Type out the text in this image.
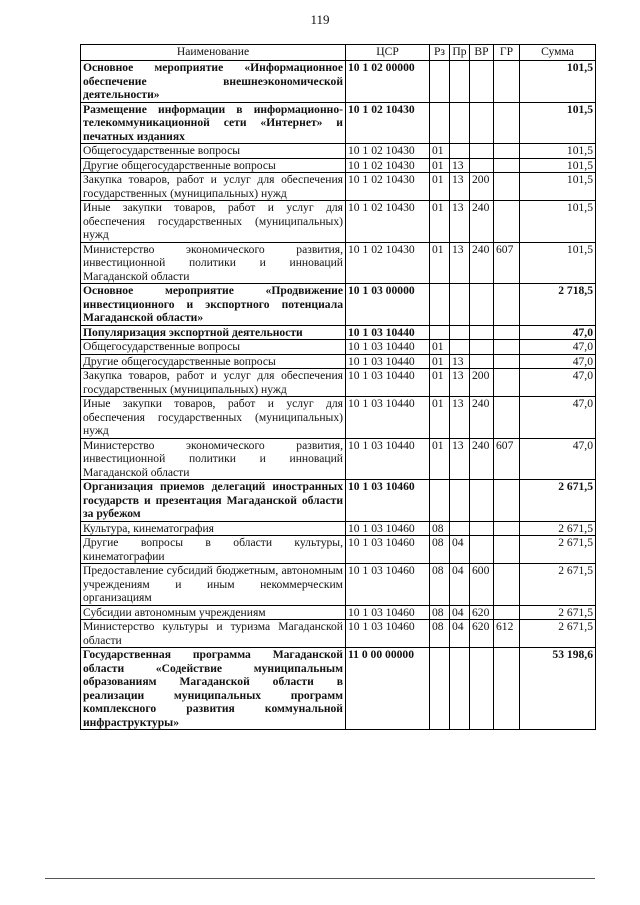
119
Наименование	ЦСР	Рз	Пр	ВР	ГР	Сумма
Основное мероприятие «Информационное обеспечение внешнеэкономической деятельности»	10 1 02 00000					101,5
Размещение информации в информационно-телекоммуникационной сети «Интернет» и печатных изданиях	10 1 02 10430					101,5
Общегосударственные вопросы	10 1 02 10430	01				101,5
Другие общегосударственные вопросы	10 1 02 10430	01	13			101,5
Закупка товаров, работ и услуг для обеспечения государственных (муниципальных) нужд	10 1 02 10430	01	13	200		101,5
Иные закупки товаров, работ и услуг для обеспечения государственных (муниципальных) нужд	10 1 02 10430	01	13	240		101,5
Министерство экономического развития, инвестиционной политики и инноваций Магаданской области	10 1 02 10430	01	13	240	607	101,5
Основное мероприятие «Продвижение инвестиционного и экспортного потенциала Магаданской области»	10 1 03 00000					2 718,5
Популяризация экспортной деятельности	10 1 03 10440					47,0
Общегосударственные вопросы	10 1 03 10440	01				47,0
Другие общегосударственные вопросы	10 1 03 10440	01	13			47,0
Закупка товаров, работ и услуг для обеспечения государственных (муниципальных) нужд	10 1 03 10440	01	13	200		47,0
Иные закупки товаров, работ и услуг для обеспечения государственных (муниципальных) нужд	10 1 03 10440	01	13	240		47,0
Министерство экономического развития, инвестиционной политики и инноваций Магаданской области	10 1 03 10440	01	13	240	607	47,0
Организация приемов делегаций иностранных государств и презентация Магаданской области за рубежом	10 1 03 10460					2 671,5
Культура, кинематография	10 1 03 10460	08				2 671,5
Другие вопросы в области культуры, кинематографии	10 1 03 10460	08	04			2 671,5
Предоставление субсидий бюджетным, автономным учреждениям и иным некоммерческим организациям	10 1 03 10460	08	04	600		2 671,5
Субсидии автономным учреждениям	10 1 03 10460	08	04	620		2 671,5
Министерство культуры и туризма Магаданской области	10 1 03 10460	08	04	620	612	2 671,5
Государственная программа Магаданской области «Содействие муниципальным образованиям Магаданской области в реализации муниципальных программ комплексного развития коммунальной инфраструктуры»	11 0 00 00000					53 198,6
